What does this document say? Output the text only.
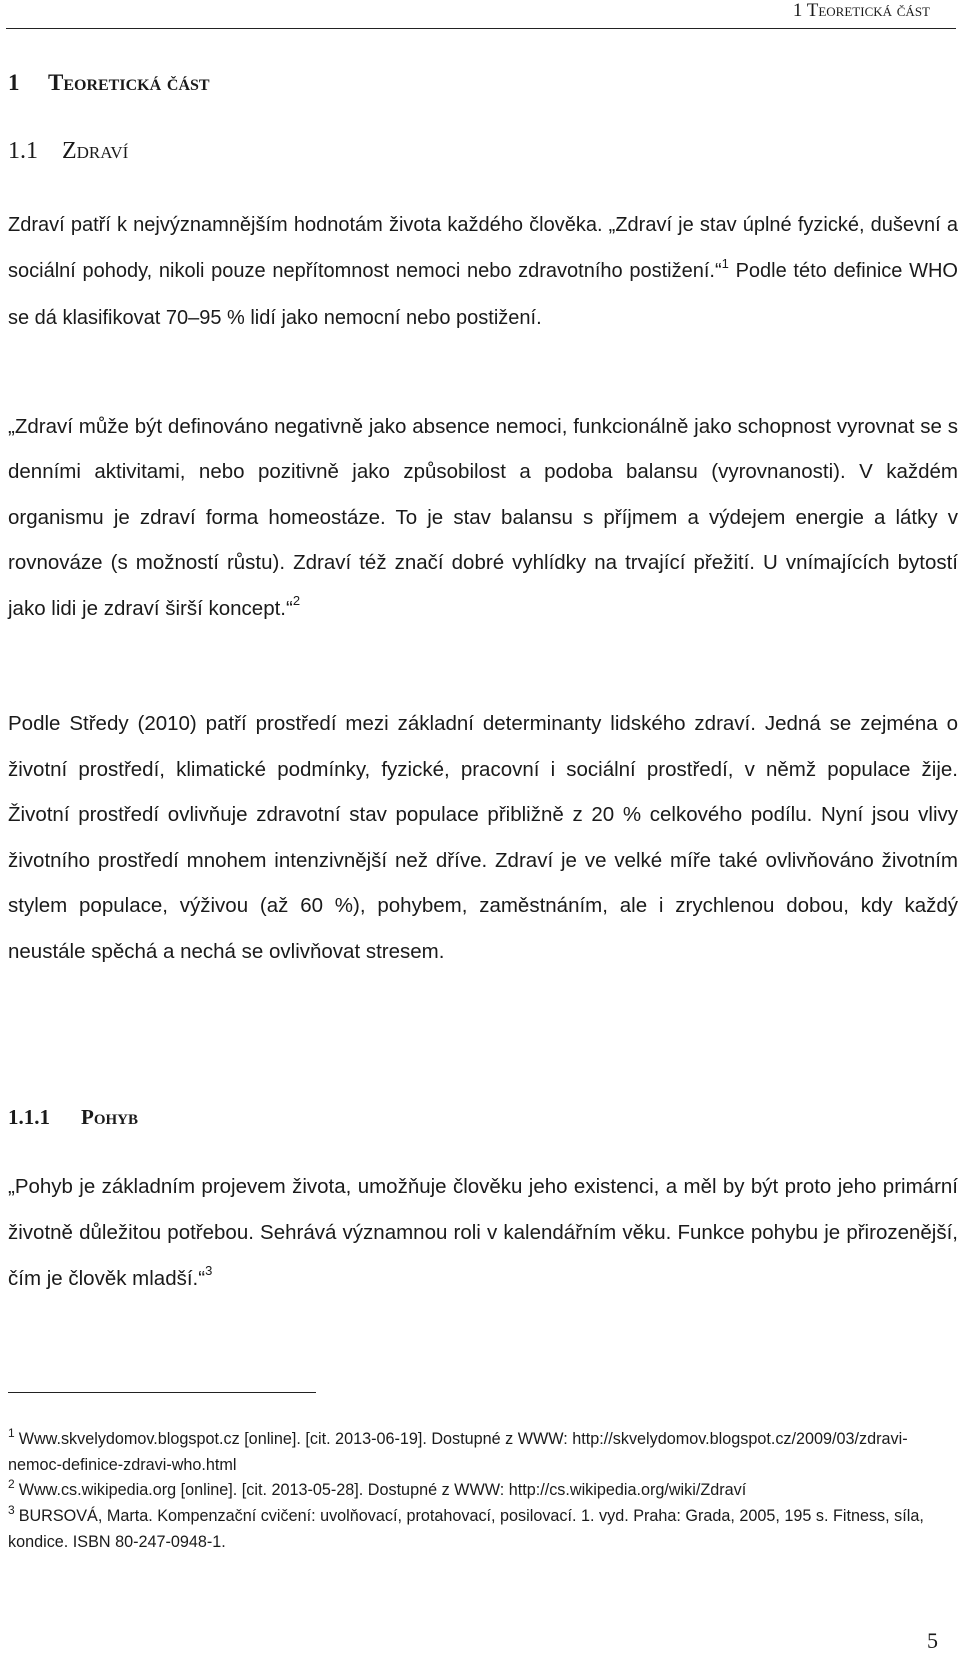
1 Teoretická část
1 Teoretická část
1.1 Zdraví
Zdraví patří k nejvýznamnějším hodnotám života každého člověka. „Zdraví je stav úplné fyzické, duševní a sociální pohody, nikoli pouze nepřítomnost nemoci nebo zdravotního postižení.“$^1$ Podle této definice WHO se dá klasifikovat 70–95 % lidí jako nemocní nebo postižení.
„Zdraví může být definováno negativně jako absence nemoci, funkcionálně jako schopnost vyrovnat se s denními aktivitami, nebo pozitivně jako způsobilost a podoba balansu (vyrovnanosti). V každém organismu je zdraví forma homeostáze. To je stav balansu s příjmem a výdejem energie a látky v rovnováze (s možností růstu). Zdraví též značí dobré vyhlídky na trvající přežití. U vnímajících bytostí jako lidi je zdraví širší koncept.“$^2$
Podle Středy (2010) patří prostředí mezi základní determinanty lidského zdraví. Jedná se zejména o životní prostředí, klimatické podmínky, fyzické, pracovní i sociální prostředí, v němž populace žije. Životní prostředí ovlivňuje zdravotní stav populace přibližně z 20 % celkového podílu. Nyní jsou vlivy životního prostředí mnohem intenzivnější než dříve. Zdraví je ve velké míře také ovlivňováno životním stylem populace, výživou (až 60 %), pohybem, zaměstnáním, ale i zrychlenou dobou, kdy každý neustále spěchá a nechá se ovlivňovat stresem.
1.1.1 Pohyb
„Pohyb je základním projevem života, umožňuje člověku jeho existenci, a měl by být proto jeho primární životně důležitou potřebou. Sehrává významnou roli v kalendářním věku. Funkce pohybu je přirozenější, čím je člověk mladší.“$^3$
$^1$ Www.skvelydomov.blogspot.cz [online]. [cit. 2013-06-19]. Dostupné z WWW: http://skvelydomov.blogspot.cz/2009/03/zdravi-nemoc-definice-zdravi-who.html
$^2$ Www.cs.wikipedia.org [online]. [cit. 2013-05-28]. Dostupné z WWW: http://cs.wikipedia.org/wiki/Zdraví
$^3$ BURSOVÁ, Marta. Kompenzační cvičení: uvolňovací, protahovací, posilovací. 1. vyd. Praha: Grada, 2005, 195 s. Fitness, síla, kondice. ISBN 80-247-0948-1.
5
